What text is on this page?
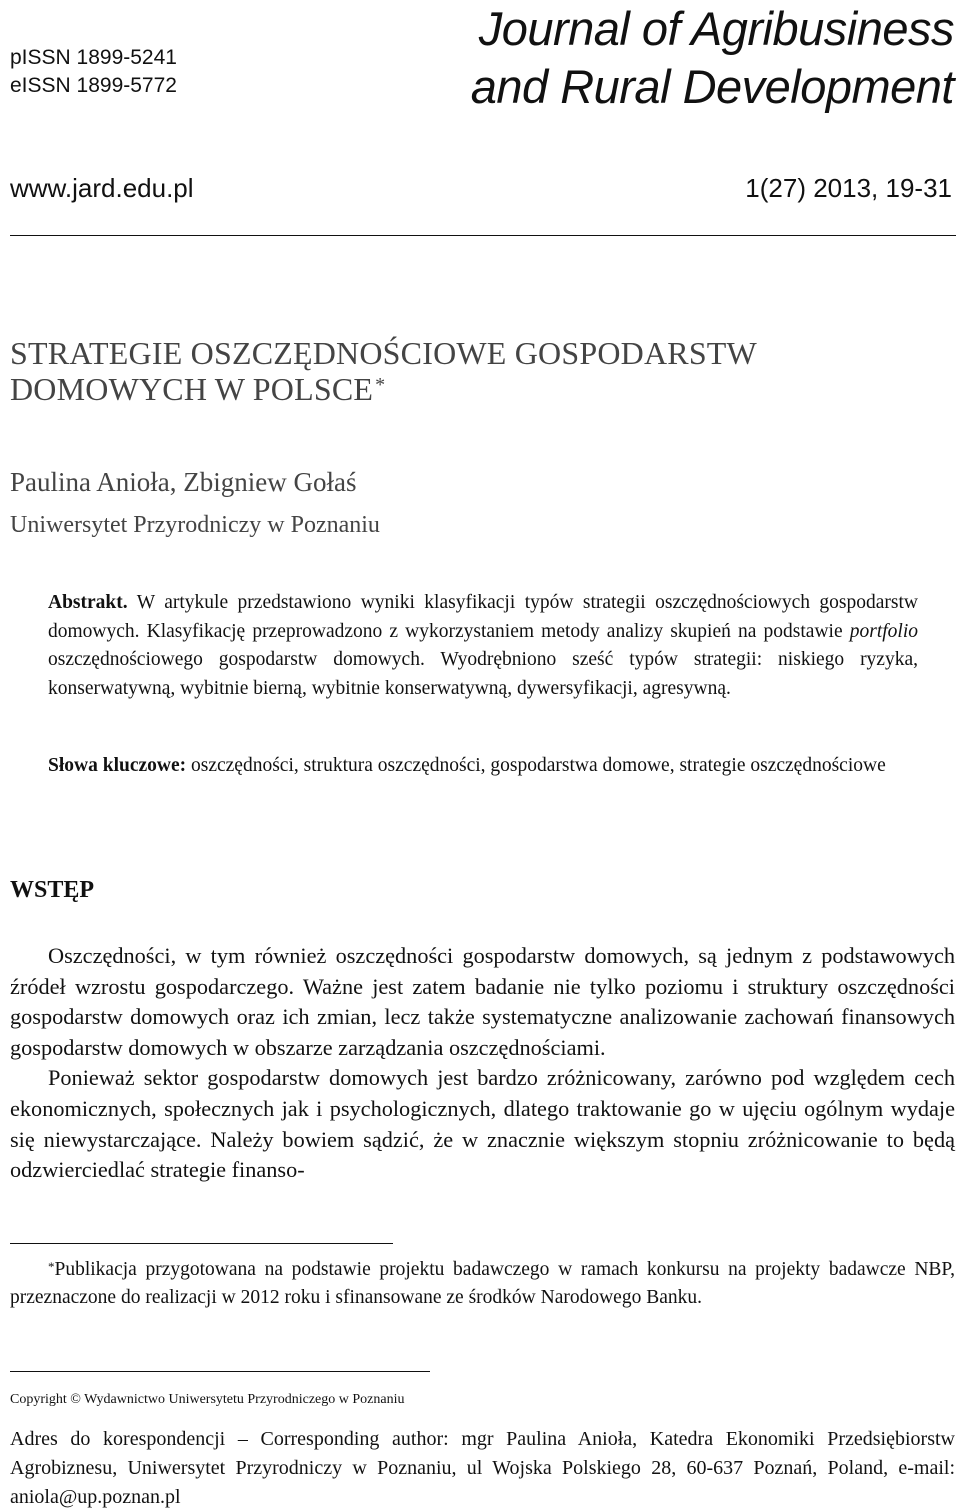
pISSN 1899-5241
eISSN 1899-5772
Journal of Agribusiness
and Rural Development
www.jard.edu.pl	1(27) 2013, 19-31
STRATEGIE OSZCZĘDNOŚCIOWE GOSPODARSTW
DOMOWYCH W POLSCE *
Paulina Anioła, Zbigniew Gołaś
Uniwersytet Przyrodniczy w Poznaniu
Abstrakt. W artykule przedstawiono wyniki klasyfikacji typów strategii oszczędnościowych gospodarstw domowych. Klasyfikację przeprowadzono z wykorzystaniem metody analizy skupień na podstawie portfolio oszczędnościowego gospodarstw domowych. Wyodrębniono sześć typów strategii: niskiego ryzyka, konserwatywną, wybitnie bierną, wybitnie konserwatywną, dywersyfikacji, agresywną.
Słowa kluczowe: oszczędności, struktura oszczędności, gospodarstwa domowe, strategie oszczędnościowe
WSTĘP

Oszczędności, w tym również oszczędności gospodarstw domowych, są jednym z podstawowych źródeł wzrostu gospodarczego. Ważne jest zatem badanie nie tylko poziomu i struktury oszczędności gospodarstw domowych oraz ich zmian, lecz także systematyczne analizowanie zachowań finansowych gospodarstw domowych w obszarze zarządzania oszczędnościami.

Ponieważ sektor gospodarstw domowych jest bardzo zróżnicowany, zarówno pod względem cech ekonomicznych, społecznych jak i psychologicznych, dlatego traktowanie go w ujęciu ogólnym wydaje się niewystarczające. Należy bowiem sądzić, że w znacznie większym stopniu zróżnicowanie to będą odzwierciedlać strategie finanso-

*Publikacja przygotowana na podstawie projektu badawczego w ramach konkursu na projekty badawcze NBP, przeznaczone do realizacji w 2012 roku i sfinansowane ze środków Narodowego Banku.
Copyright © Wydawnictwo Uniwersytetu Przyrodniczego w Poznaniu
Adres do korespondencji – Corresponding author: mgr Paulina Anioła, Katedra Ekonomiki Przedsiębiorstw Agrobiznesu, Uniwersytet Przyrodniczy w Poznaniu, ul Wojska Polskiego 28, 60-637 Poznań, Poland, e-mail: aniola@up.poznan.pl
